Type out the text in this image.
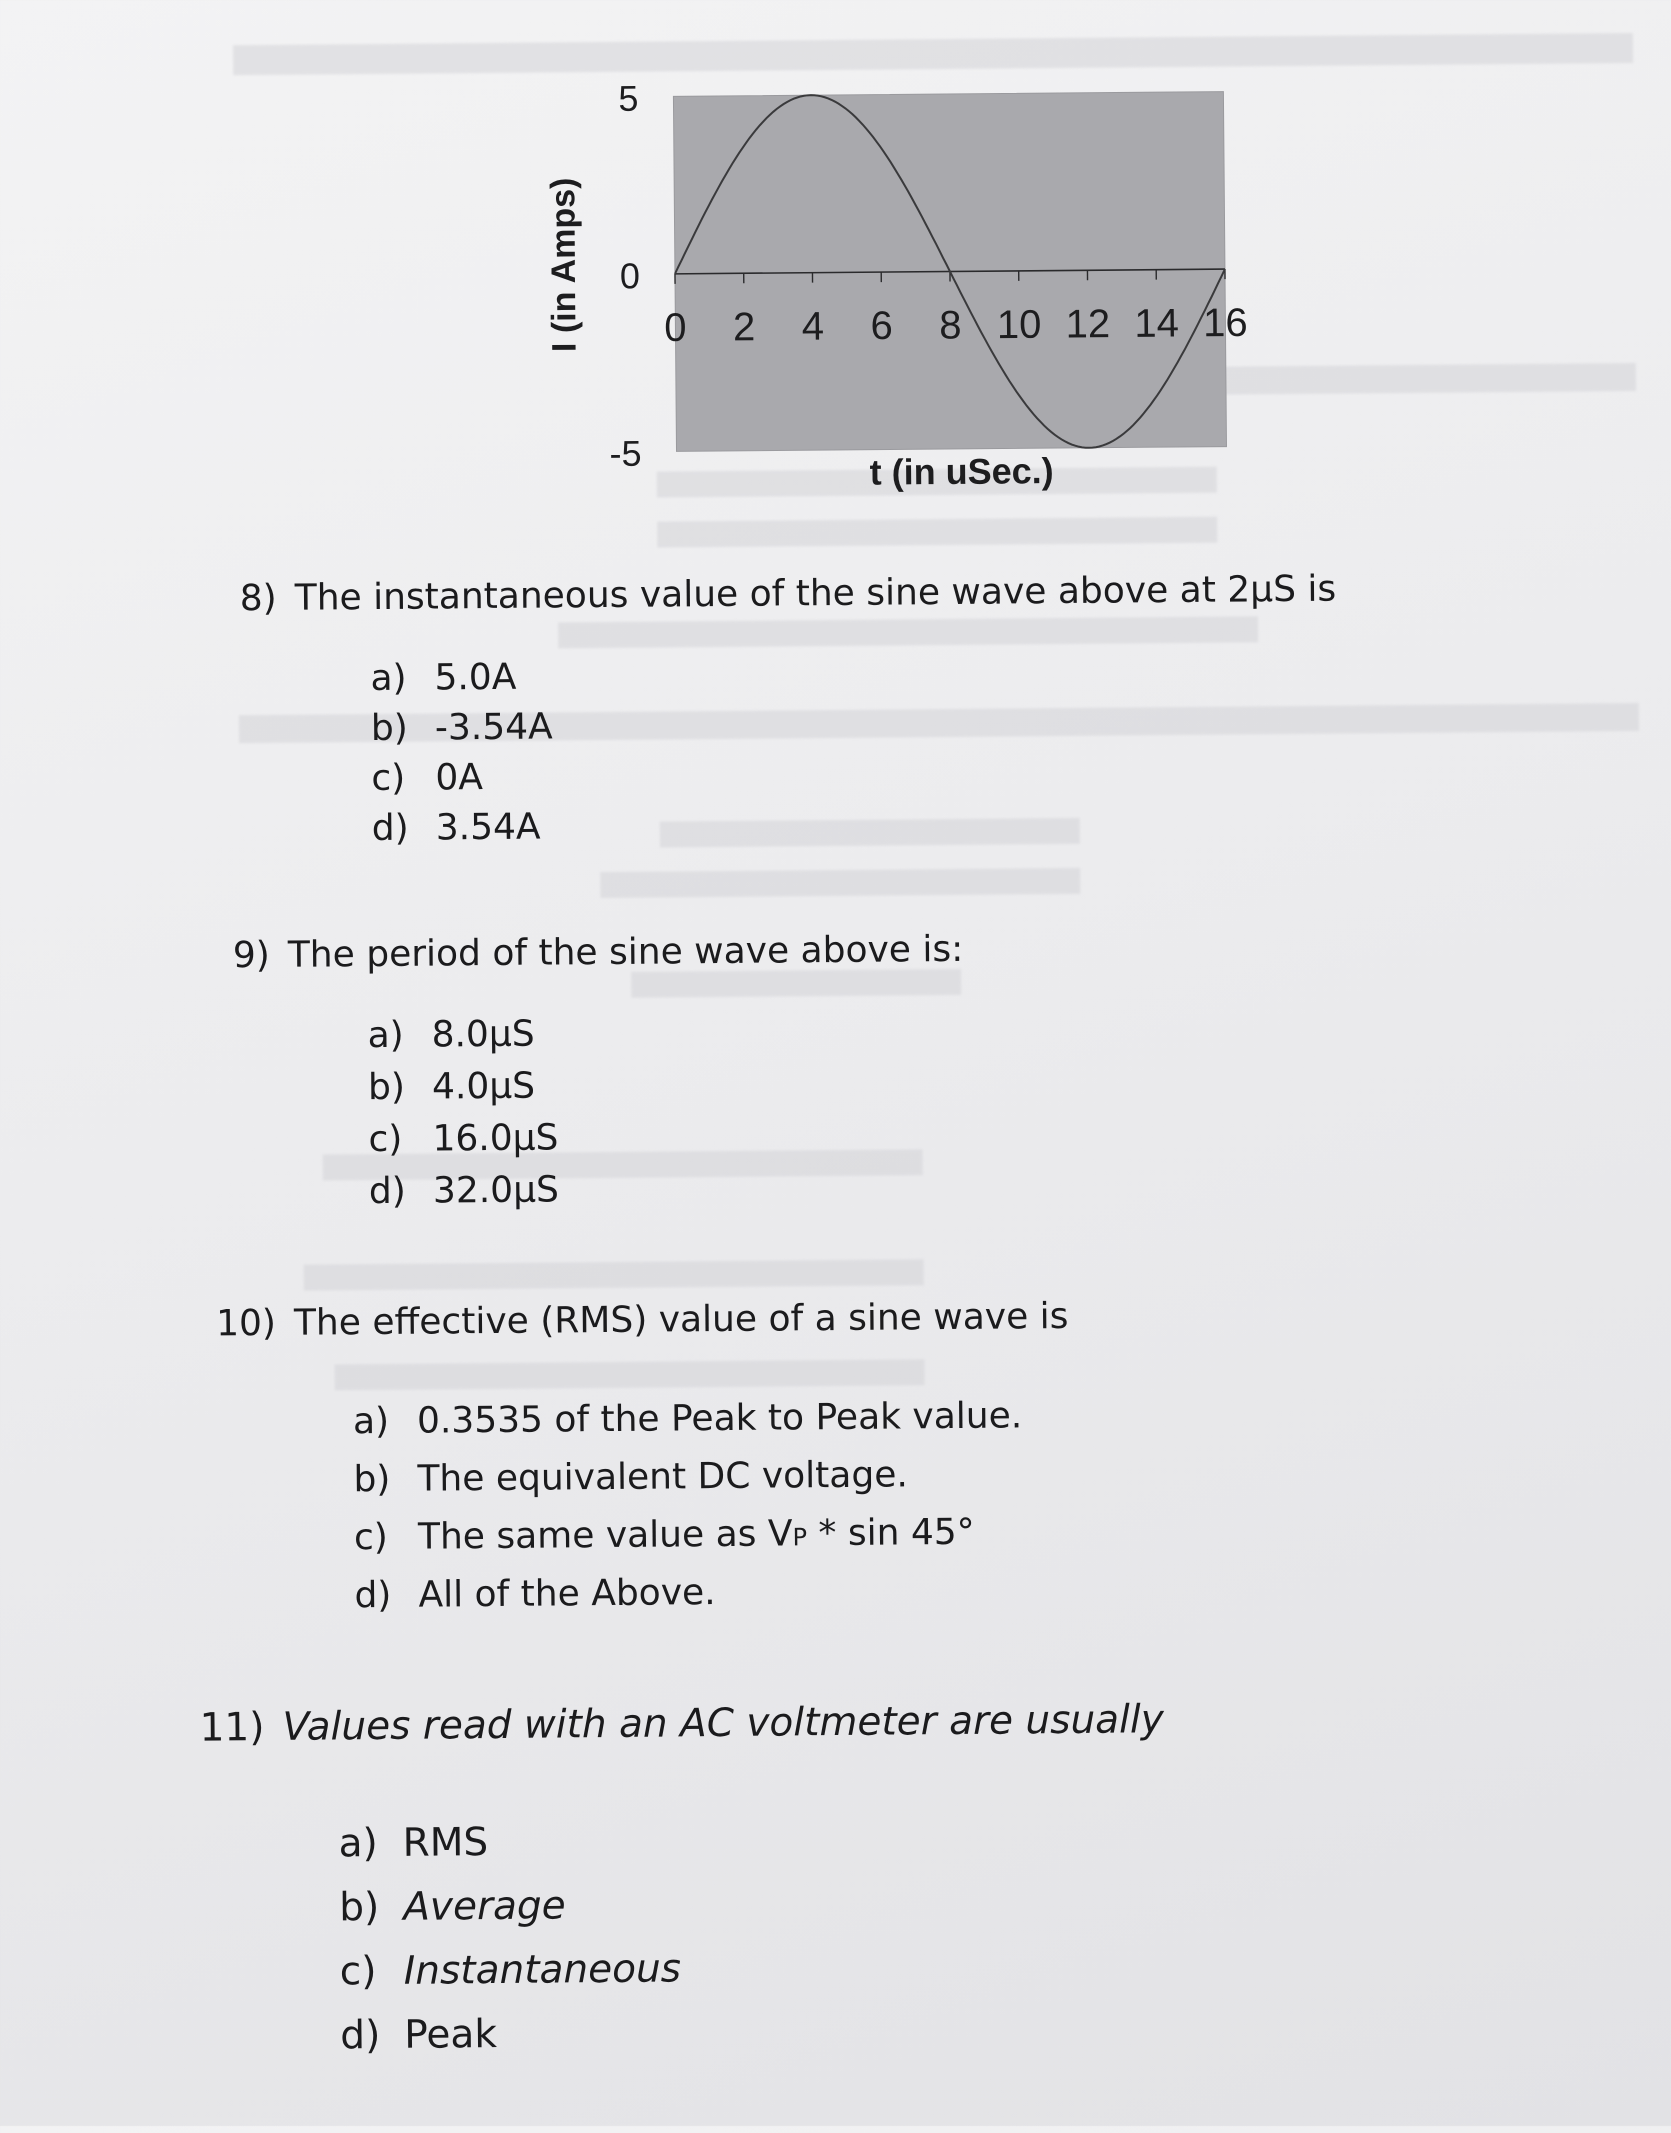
0 2 4 6 8 10 12 14 16
5
0
-5	t (in uSec.)
I (in Amps)
8) The instantaneous value of the sine wave above at 2µS is
a) 5.0A
b) -3.54A
c) 0A
d) 3.54A
9) The period of the sine wave above is:
a) 8.0µS
b) 4.0µS
c) 16.0µS
d) 32.0µS
10) The effective (RMS) value of a sine wave is
a) 0.3535 of the Peak to Peak value.
b) The equivalent DC voltage.
c) The same value as VP * sin 45°
d) All of the Above.
11) Values read with an AC voltmeter are usually
a) RMS
b) Average
c) Instantaneous
d) Peak
